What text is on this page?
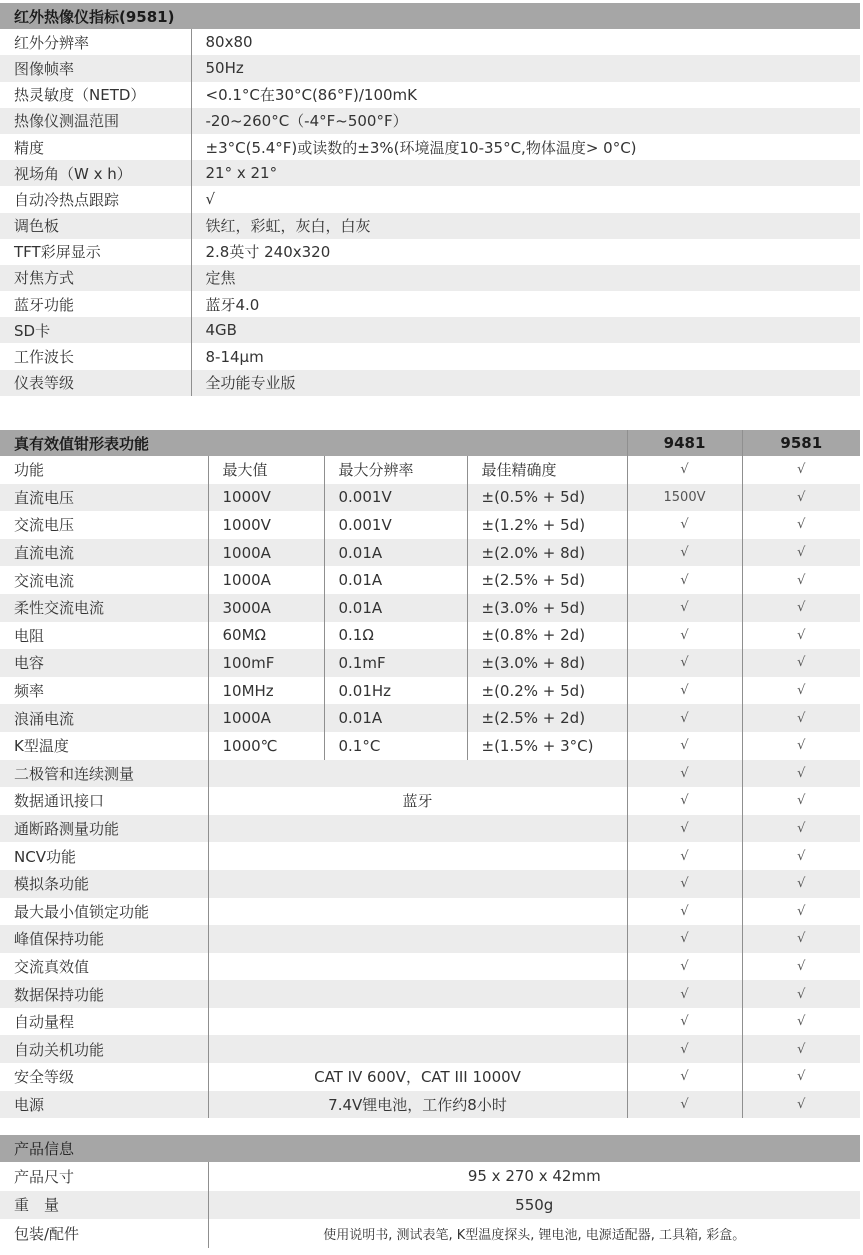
红外热像仪指标(9581)	
红外分辨率	80x80
图像帧率	50Hz
热灵敏度（NETD）	<0.1°C在30°C(86°F)/100mK
热像仪测温范围	-20~260°C（-4°F~500°F）
精度	±3°C(5.4°F)或读数的±3%(环境温度10-35°C,物体温度> 0°C)
视场角（W x h）	21° x 21°
自动冷热点跟踪	√
调色板	铁红，彩虹，灰白，白灰
TFT彩屏显示	2.8英寸 240x320
对焦方式	定焦
蓝牙功能	蓝牙4.0
SD卡	4GB
工作波长	8-14μm
仪表等级	全功能专业版
真有效值钳形表功能				9481	9581
功能	最大值	最大分辨率	最佳精确度	√	√
直流电压	1000V	0.001V	±(0.5% + 5d)	1500V	√
交流电压	1000V	0.001V	±(1.2% + 5d)	√	√
直流电流	1000A	0.01A	±(2.0% + 8d)	√	√
交流电流	1000A	0.01A	±(2.5% + 5d)	√	√
柔性交流电流	3000A	0.01A	±(3.0% + 5d)	√	√
电阻	60MΩ	0.1Ω	±(0.8% + 2d)	√	√
电容	100mF	0.1mF	±(3.0% + 8d)	√	√
频率	10MHz	0.01Hz	±(0.2% + 5d)	√	√
浪涌电流	1000A	0.01A	±(2.5% + 2d)	√	√
K型温度	1000℃	0.1°C	±(1.5% + 3°C)	√	√
二极管和连续测量				√	√
数据通讯接口	蓝牙			√	√
通断路测量功能				√	√
NCV功能				√	√
模拟条功能				√	√
最大最小值锁定功能				√	√
峰值保持功能				√	√
交流真效值				√	√
数据保持功能				√	√
自动量程				√	√
自动关机功能				√	√
安全等级	CAT IV 600V，CAT III 1000V			√	√
电源	7.4V锂电池，工作约8小时			√	√
产品信息	
产品尺寸	95 x 270 x 42mm
重　量	550g
包装/配件	使用说明书, 测试表笔, K型温度探头, 锂电池, 电源适配器, 工具箱, 彩盒。
